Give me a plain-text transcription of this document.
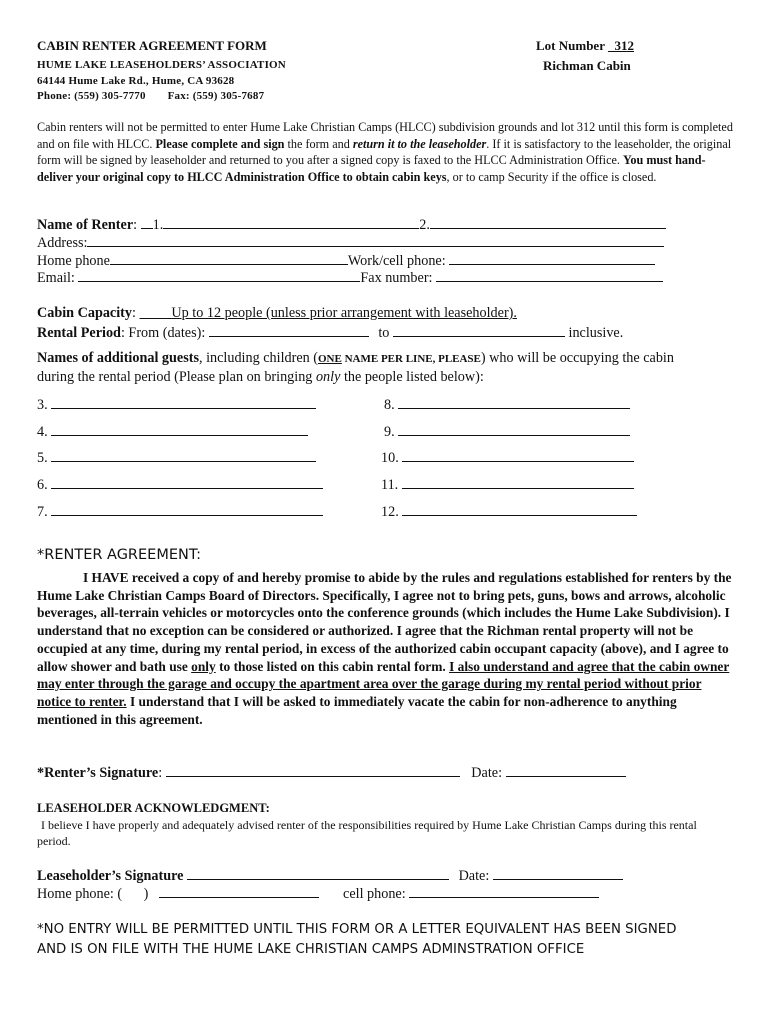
CABIN RENTER AGREEMENT FORM
HUME LAKE LEASEHOLDERS’ ASSOCIATION
64144 Hume Lake Rd., Hume, CA 93628
Phone: (559) 305-7770 Fax: (559) 305-7687
Lot Number 312
Richman Cabin
Cabin renters will not be permitted to enter Hume Lake Christian Camps (HLCC) subdivision grounds and lot 312 until this form is completed and on file with HLCC. Please complete and sign the form and return it to the leaseholder. If it is satisfactory to the leaseholder, the original form will be signed by leaseholder and returned to you after a signed copy is faxed to the HLCC Administration Office. You must hand-deliver your original copy to HLCC Administration Office to obtain cabin keys, or to camp Security if the office is closed.
Name of Renter: 1.	2.
Address:
Home phone	Work/cell phone:
Email:	Fax number:
Cabin Capacity: Up to 12 people (unless prior arrangement with leaseholder).
Rental Period: From (dates):	to	inclusive.
Names of additional guests, including children (ONE NAME PER LINE, PLEASE) who will be occupying the cabin
during the rental period (Please plan on bringing only the people listed below):
3.
4.
5.
6.
7.
8.
9.
10.
11.
12.
*RENTER AGREEMENT:
I HAVE received a copy of and hereby promise to abide by the rules and regulations established for renters by the Hume Lake Christian Camps Board of Directors. Specifically, I agree not to bring pets, guns, bows and arrows, alcoholic beverages, all-terrain vehicles or motorcycles onto the conference grounds (which includes the Hume Lake Subdivision). I understand that no exception can be considered or authorized. I agree that the Richman rental property will not be occupied at any time, during my rental period, in excess of the authorized cabin occupant capacity (above), and I agree to allow shower and bath use only to those listed on this cabin rental form. I also understand and agree that the cabin owner may enter through the garage and occupy the apartment area over the garage during my rental period without prior notice to renter. I understand that I will be asked to immediately vacate the cabin for non-adherence to anything mentioned in this agreement.
*Renter’s Signature:	Date:
LEASEHOLDER ACKNOWLEDGMENT:
I believe I have properly and adequately advised renter of the responsibilities required by Hume Lake Christian Camps during this rental period.
Leaseholder’s Signature	Date:
Home phone: ( )	cell phone:
*NO ENTRY WILL BE PERMITTED UNTIL THIS FORM OR A LETTER EQUIVALENT HAS BEEN SIGNED
AND IS ON FILE WITH THE HUME LAKE CHRISTIAN CAMPS ADMINSTRATION OFFICE
